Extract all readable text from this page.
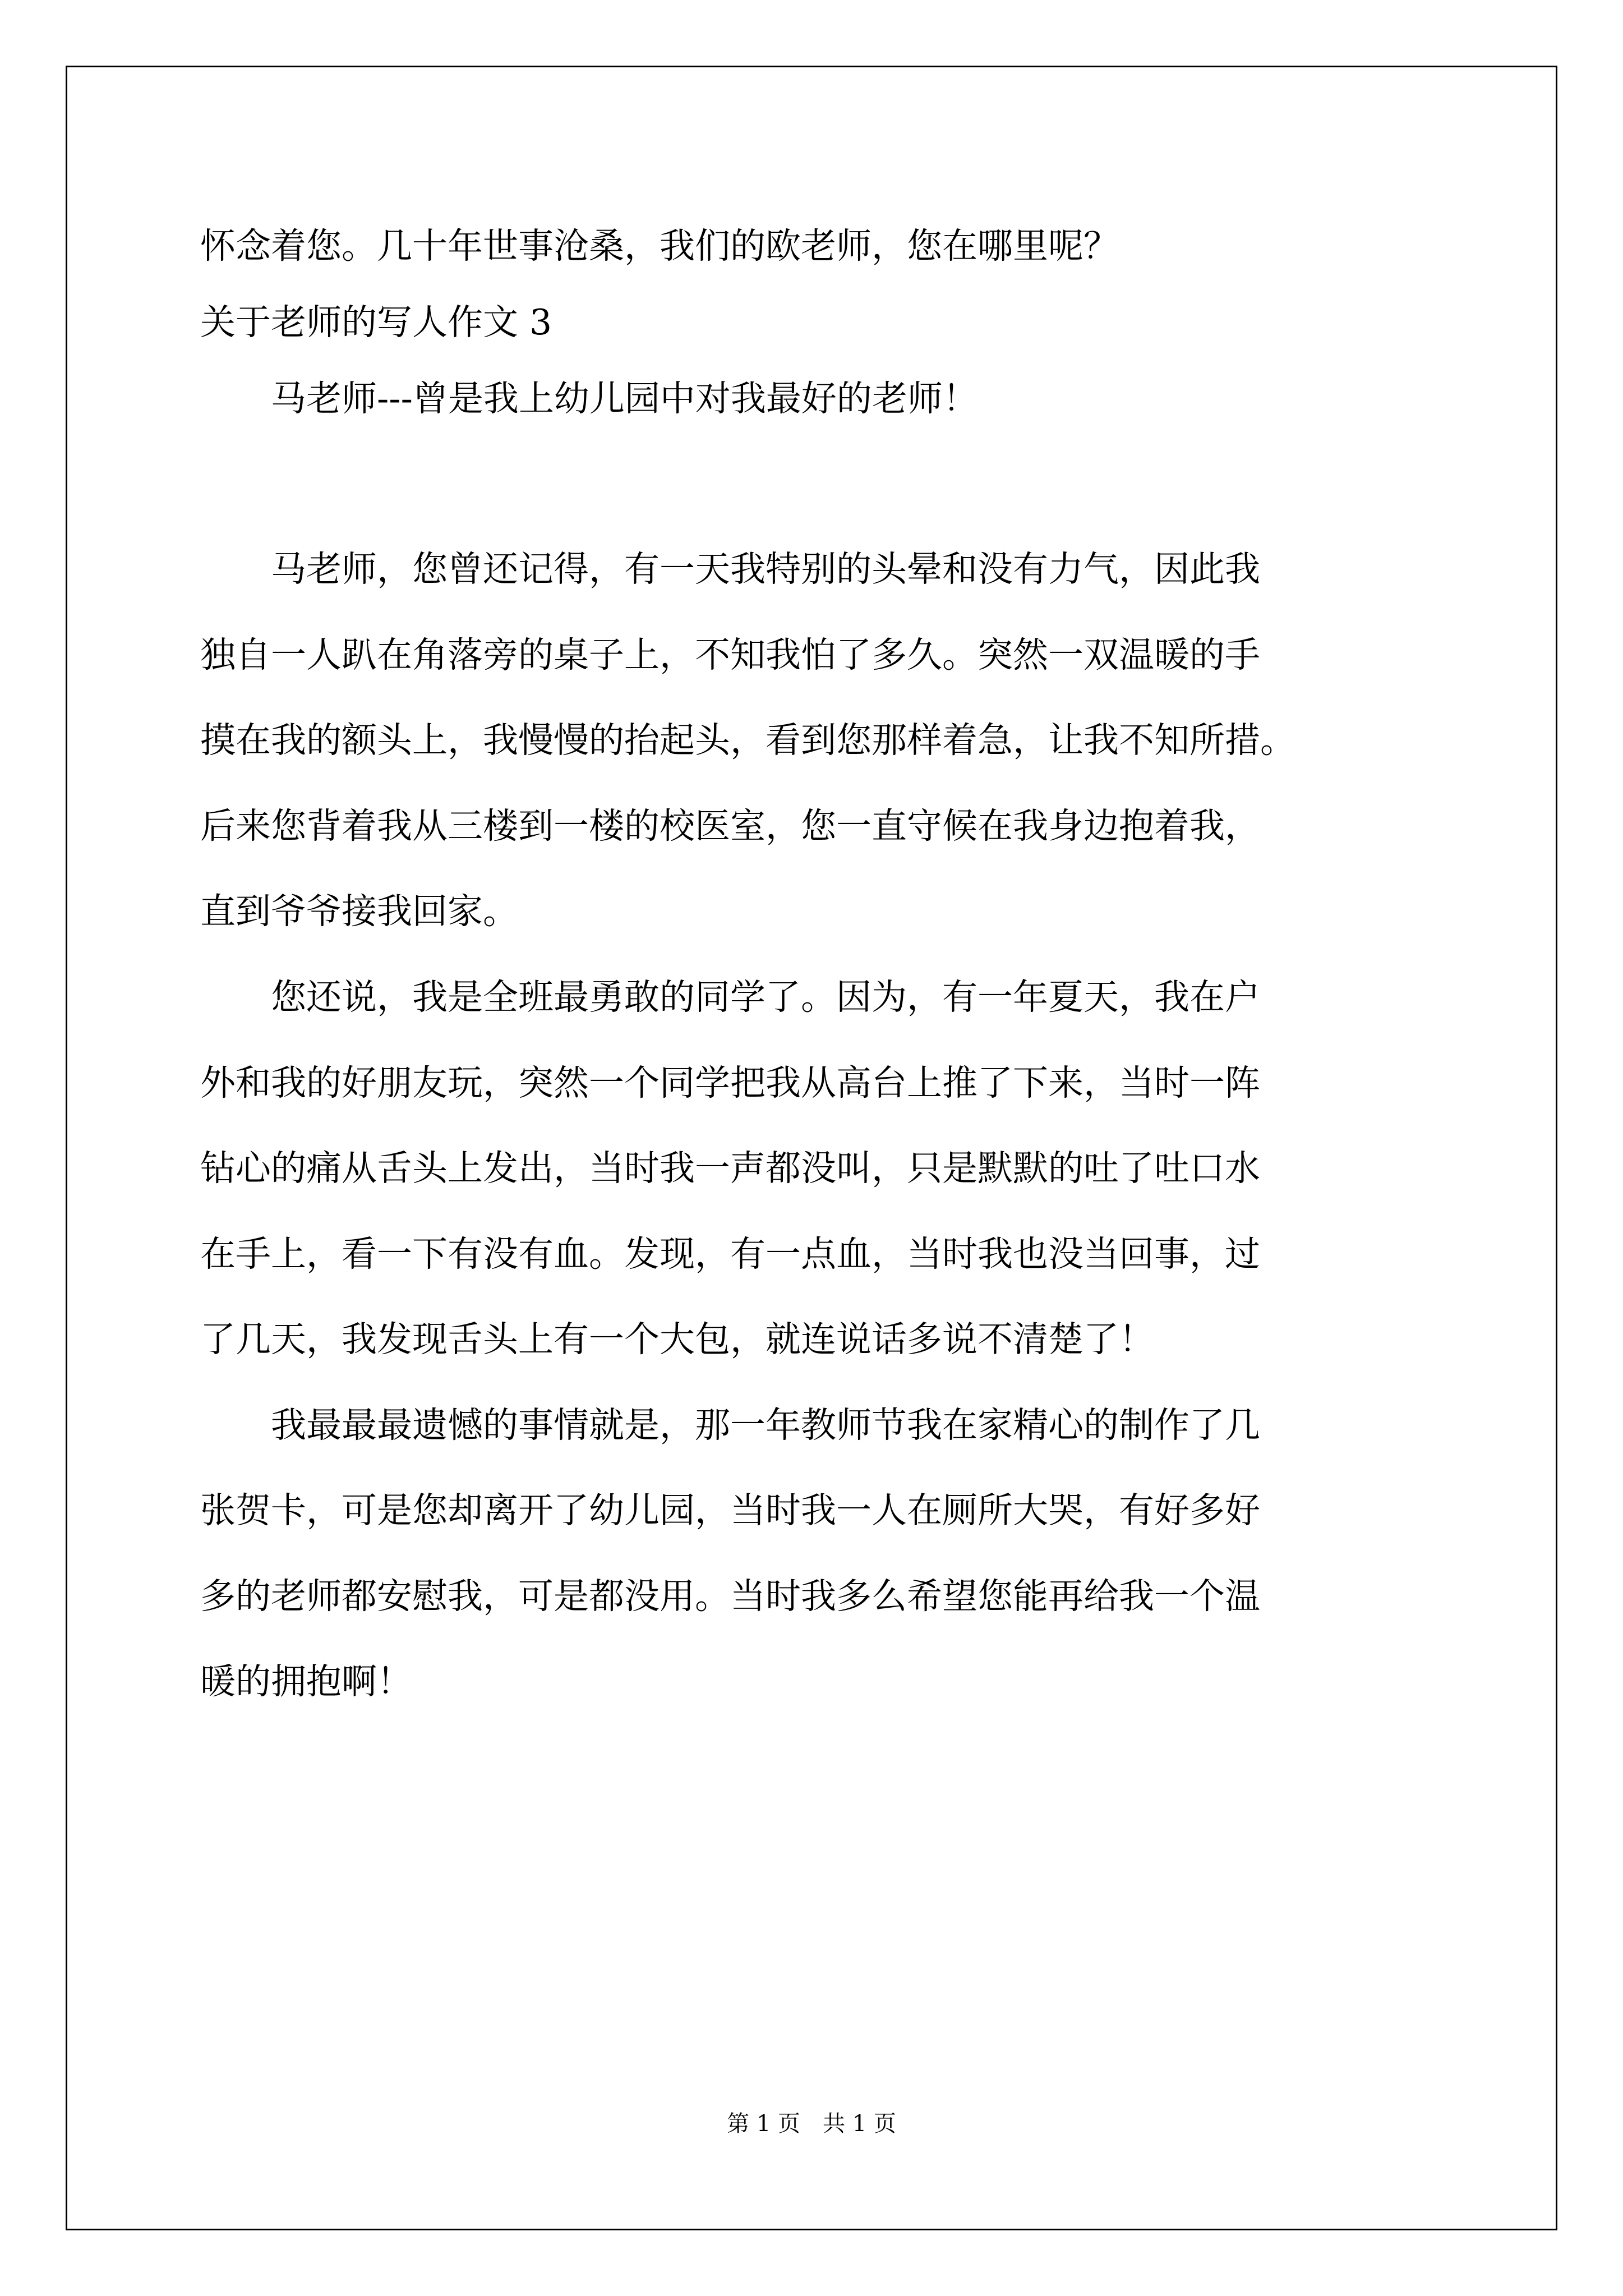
怀念着您。几十年世事沧桑，我们的欧老师，您在哪里呢？

关于老师的写人作文 3

　　马老师---曾是我上幼儿园中对我最好的老师！

　　马老师，您曾还记得，有一天我特别的头晕和没有力气，因此我

独自一人趴在角落旁的桌子上，不知我怕了多久。突然一双温暖的手

摸在我的额头上，我慢慢的抬起头，看到您那样着急，让我不知所措。

后来您背着我从三楼到一楼的校医室，您一直守候在我身边抱着我，

直到爷爷接我回家。

　　您还说，我是全班最勇敢的同学了。因为，有一年夏天，我在户

外和我的好朋友玩，突然一个同学把我从高台上推了下来，当时一阵

钻心的痛从舌头上发出，当时我一声都没叫，只是默默的吐了吐口水

在手上，看一下有没有血。发现，有一点血，当时我也没当回事，过

了几天，我发现舌头上有一个大包，就连说话多说不清楚了！

　　我最最最遗憾的事情就是，那一年教师节我在家精心的制作了几

张贺卡，可是您却离开了幼儿园，当时我一人在厕所大哭，有好多好

多的老师都安慰我，可是都没用。当时我多么希望您能再给我一个温

暖的拥抱啊！

第 1 页　共 1 页
